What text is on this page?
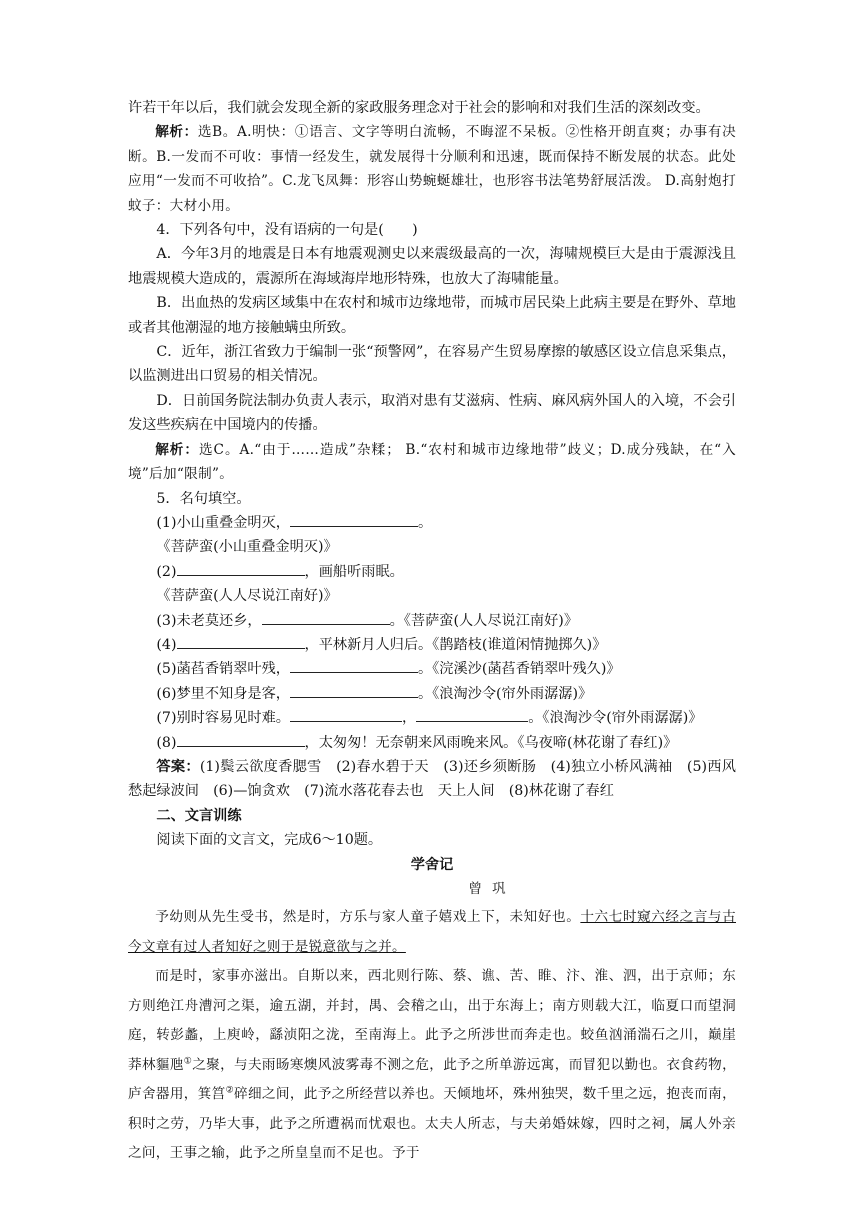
许若干年以后，我们就会发现全新的家政服务理念对于社会的影响和对我们生活的深刻改变。

解析：选B。A.明快：①语言、文字等明白流畅，不晦涩不呆板。②性格开朗直爽；办事有决断。B.一发而不可收：事情一经发生，就发展得十分顺利和迅速，既而保持不断发展的状态。此处应用“一发而不可收拾”。C.龙飞凤舞：形容山势蜿蜒雄壮，也形容书法笔势舒展活泼。 D.高射炮打蚊子：大材小用。

4．下列各句中，没有语病的一句是(　　)

A．今年3月的地震是日本有地震观测史以来震级最高的一次，海啸规模巨大是由于震源浅且地震规模大造成的，震源所在海域海岸地形特殊，也放大了海啸能量。

B．出血热的发病区域集中在农村和城市边缘地带，而城市居民染上此病主要是在野外、草地或者其他潮湿的地方接触螨虫所致。

C．近年，浙江省致力于编制一张“预警网”，在容易产生贸易摩擦的敏感区设立信息采集点，以监测进出口贸易的相关情况。

D．日前国务院法制办负责人表示，取消对患有艾滋病、性病、麻风病外国人的入境，不会引发这些疾病在中国境内的传播。

解析：选C。A.“由于……造成”杂糅； B.“农村和城市边缘地带”歧义；D.成分残缺，在“入境”后加“限制”。

5．名句填空。

(1)小山重叠金明灭，	。

《菩萨蛮(小山重叠金明灭)》

(2)	，画船听雨眠。

《菩萨蛮(人人尽说江南好)》

(3)未老莫还乡，	。《菩萨蛮(人人尽说江南好)》

(4)	，平林新月人归后。《鹊踏枝(谁道闲情抛掷久)》

(5)菡萏香销翠叶残，	。《浣溪沙(菡萏香销翠叶残久)》

(6)梦里不知身是客，	。《浪淘沙令(帘外雨潺潺)》

(7)别时容易见时难。	，	。《浪淘沙令(帘外雨潺潺)》

(8)	，太匆匆！无奈朝来风雨晚来风。《乌夜啼(林花谢了春红)》

答案：(1)鬓云欲度香腮雪　(2)春水碧于天　(3)还乡须断肠　(4)独立小桥风满袖　(5)西风愁起绿波间　(6)—饷贪欢　(7)流水落花春去也　天上人间　(8)林花谢了春红

二、文言训练

阅读下面的文言文，完成6～10题。

学舍记

曾巩

予幼则从先生受书，然是时，方乐与家人童子嬉戏上下，未知好也。十六七时窥六经之言与古今文章有过人者知好之则于是锐意欲与之并。

而是时，家事亦滋出。自斯以来，西北则行陈、蔡、谯、苦、睢、汴、淮、泗，出于京师；东方则绝江舟漕河之渠，逾五湖，并封，禺、会稽之山，出于东海上；南方则载大江，临夏口而望洞庭，转彭蠡，上庾岭，繇浈阳之泷，至南海上。此予之所涉世而奔走也。蛟鱼汹涌湍石之川，巅崖莽林貙虺①之聚，与夫雨旸寒燠风波雾毒不测之危，此予之所单游远寓，而冒犯以勤也。衣食药物，庐舍器用，箕筥②碎细之间，此予之所经营以养也。天倾地坏，殊州独哭，数千里之远，抱丧而南，积时之劳，乃毕大事，此予之所遭祸而忧艰也。太夫人所志，与夫弟婚妹嫁，四时之祠，属人外亲之问，王事之输，此予之所皇皇而不足也。予于
